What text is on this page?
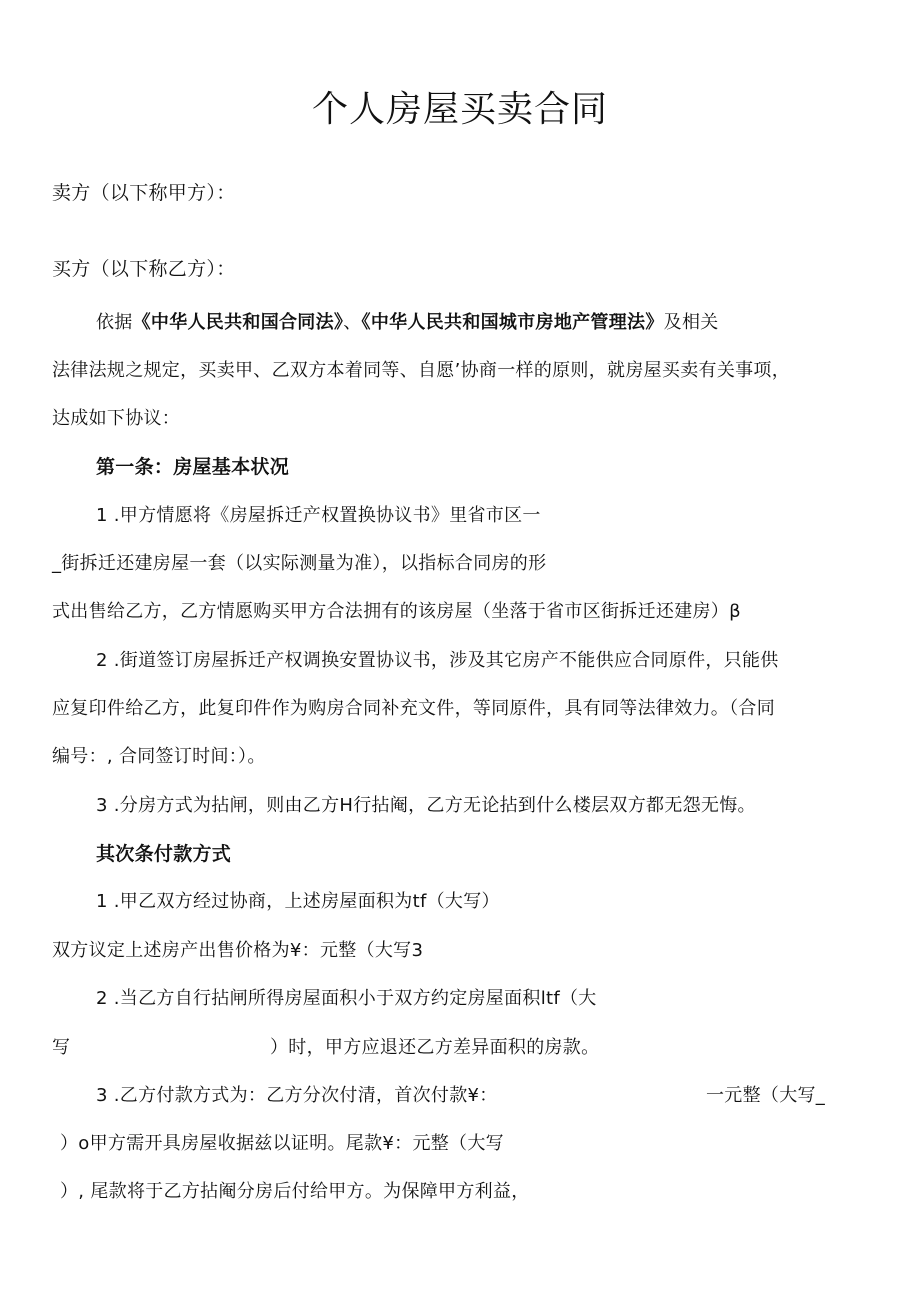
个人房屋买卖合同
卖方（以下称甲方）：
买方（以下称乙方）：
依据《中华人民共和国合同法》、《中华人民共和国城市房地产管理法》及相关
法律法规之规定，买卖甲、乙双方本着同等、自愿’协商一样的原则，就房屋买卖有关事项，
达成如下协议：
第一条：房屋基本状况
1 .甲方情愿将《房屋拆迁产权置换协议书》里省市区一
_街拆迁还建房屋一套（以实际测量为准），以指标合同房的形
式出售给乙方，乙方情愿购买甲方合法拥有的该房屋（坐落于省市区街拆迁还建房）β
2 .街道签订房屋拆迁产权调换安置协议书，涉及其它房产不能供应合同原件，只能供
应复印件给乙方，此复印件作为购房合同补充文件，等同原件，具有同等法律效力。（合同
编号：, 合同签订时间：）。
3 .分房方式为拈闸，则由乙方H行拈阉，乙方无论拈到什么楼层双方都无怨无悔。
其次条付款方式
1 .甲乙双方经过协商，上述房屋面积为tf（大写）
双方议定上述房产出售价格为¥：元整（大写3
2 .当乙方自行拈闸所得房屋面积小于双方约定房屋面积ltf（大
写	）时，甲方应退还乙方差异面积的房款。
3 .乙方付款方式为：乙方分次付清，首次付款¥：	一元整（大写_
）o甲方需开具房屋收据兹以证明。尾款¥：元整（大写
）, 尾款将于乙方拈阉分房后付给甲方。为保障甲方利益，
